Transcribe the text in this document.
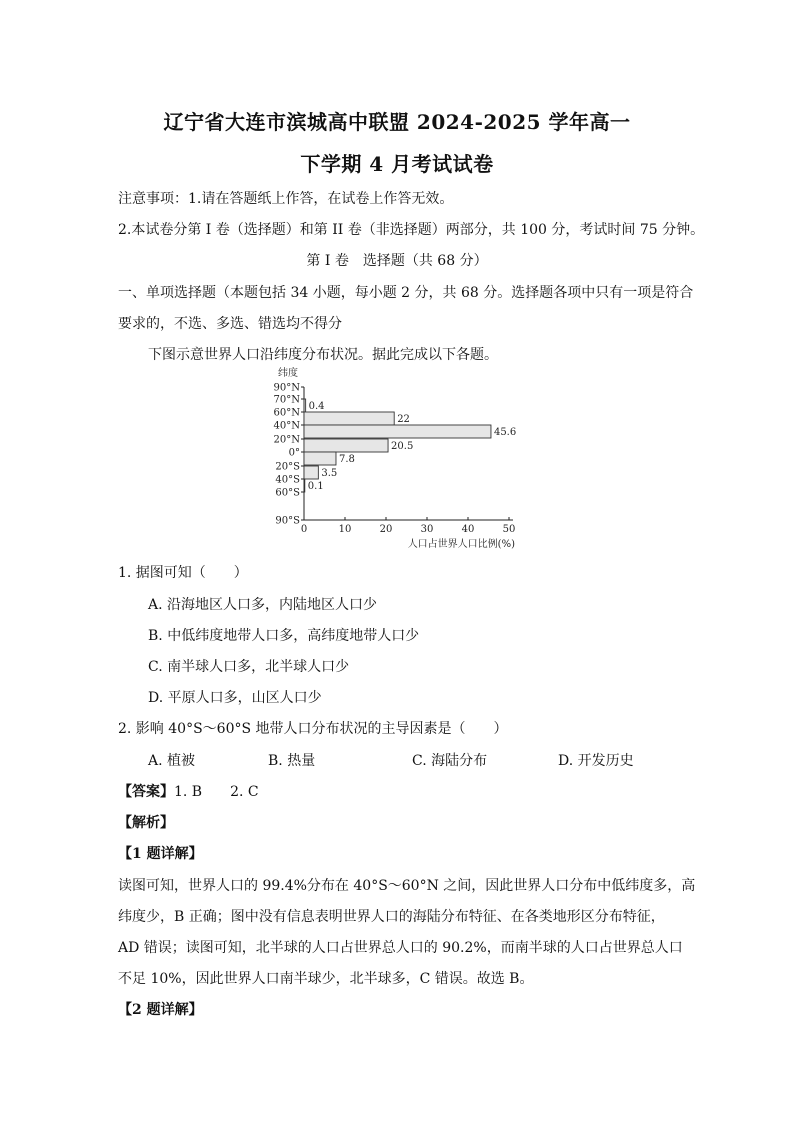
辽宁省大连市滨城高中联盟 2024-2025 学年高一
下学期 4 月考试试卷
注意事项：1.请在答题纸上作答，在试卷上作答无效。
2.本试卷分第 I 卷（选择题）和第 II 卷（非选择题）两部分，共 100 分，考试时间 75 分钟。
第 I 卷　选择题（共 68 分）
一、单项选择题（本题包括 34 小题，每小题 2 分，共 68 分。选择题各项中只有一项是符合
要求的，不选、多选、错选均不得分
下图示意世界人口沿纬度分布状况。据此完成以下各题。
纬度
90°N
70°N
60°N
40°N
20°N
0°
20°S
40°S
60°S
90°S
0	10	20	30	40	50
人口占世界人口比例(%)
0.4
22
45.6
20.5
7.8
3.5
0.1
1. 据图可知（　　）
A. 沿海地区人口多，内陆地区人口少
B. 中低纬度地带人口多，高纬度地带人口少
C. 南半球人口多，北半球人口少
D. 平原人口多，山区人口少
2. 影响 40°S～60°S 地带人口分布状况的主导因素是（　　）
A. 植被	B. 热量	C. 海陆分布	D. 开发历史
【答案】1. B　　2. C
【解析】
【1 题详解】
读图可知，世界人口的 99.4%分布在 40°S～60°N 之间，因此世界人口分布中低纬度多，高
纬度少，B 正确；图中没有信息表明世界人口的海陆分布特征、在各类地形区分布特征，
AD 错误；读图可知，北半球的人口占世界总人口的 90.2%，而南半球的人口占世界总人口
不足 10%，因此世界人口南半球少，北半球多，C 错误。故选 B。
【2 题详解】
